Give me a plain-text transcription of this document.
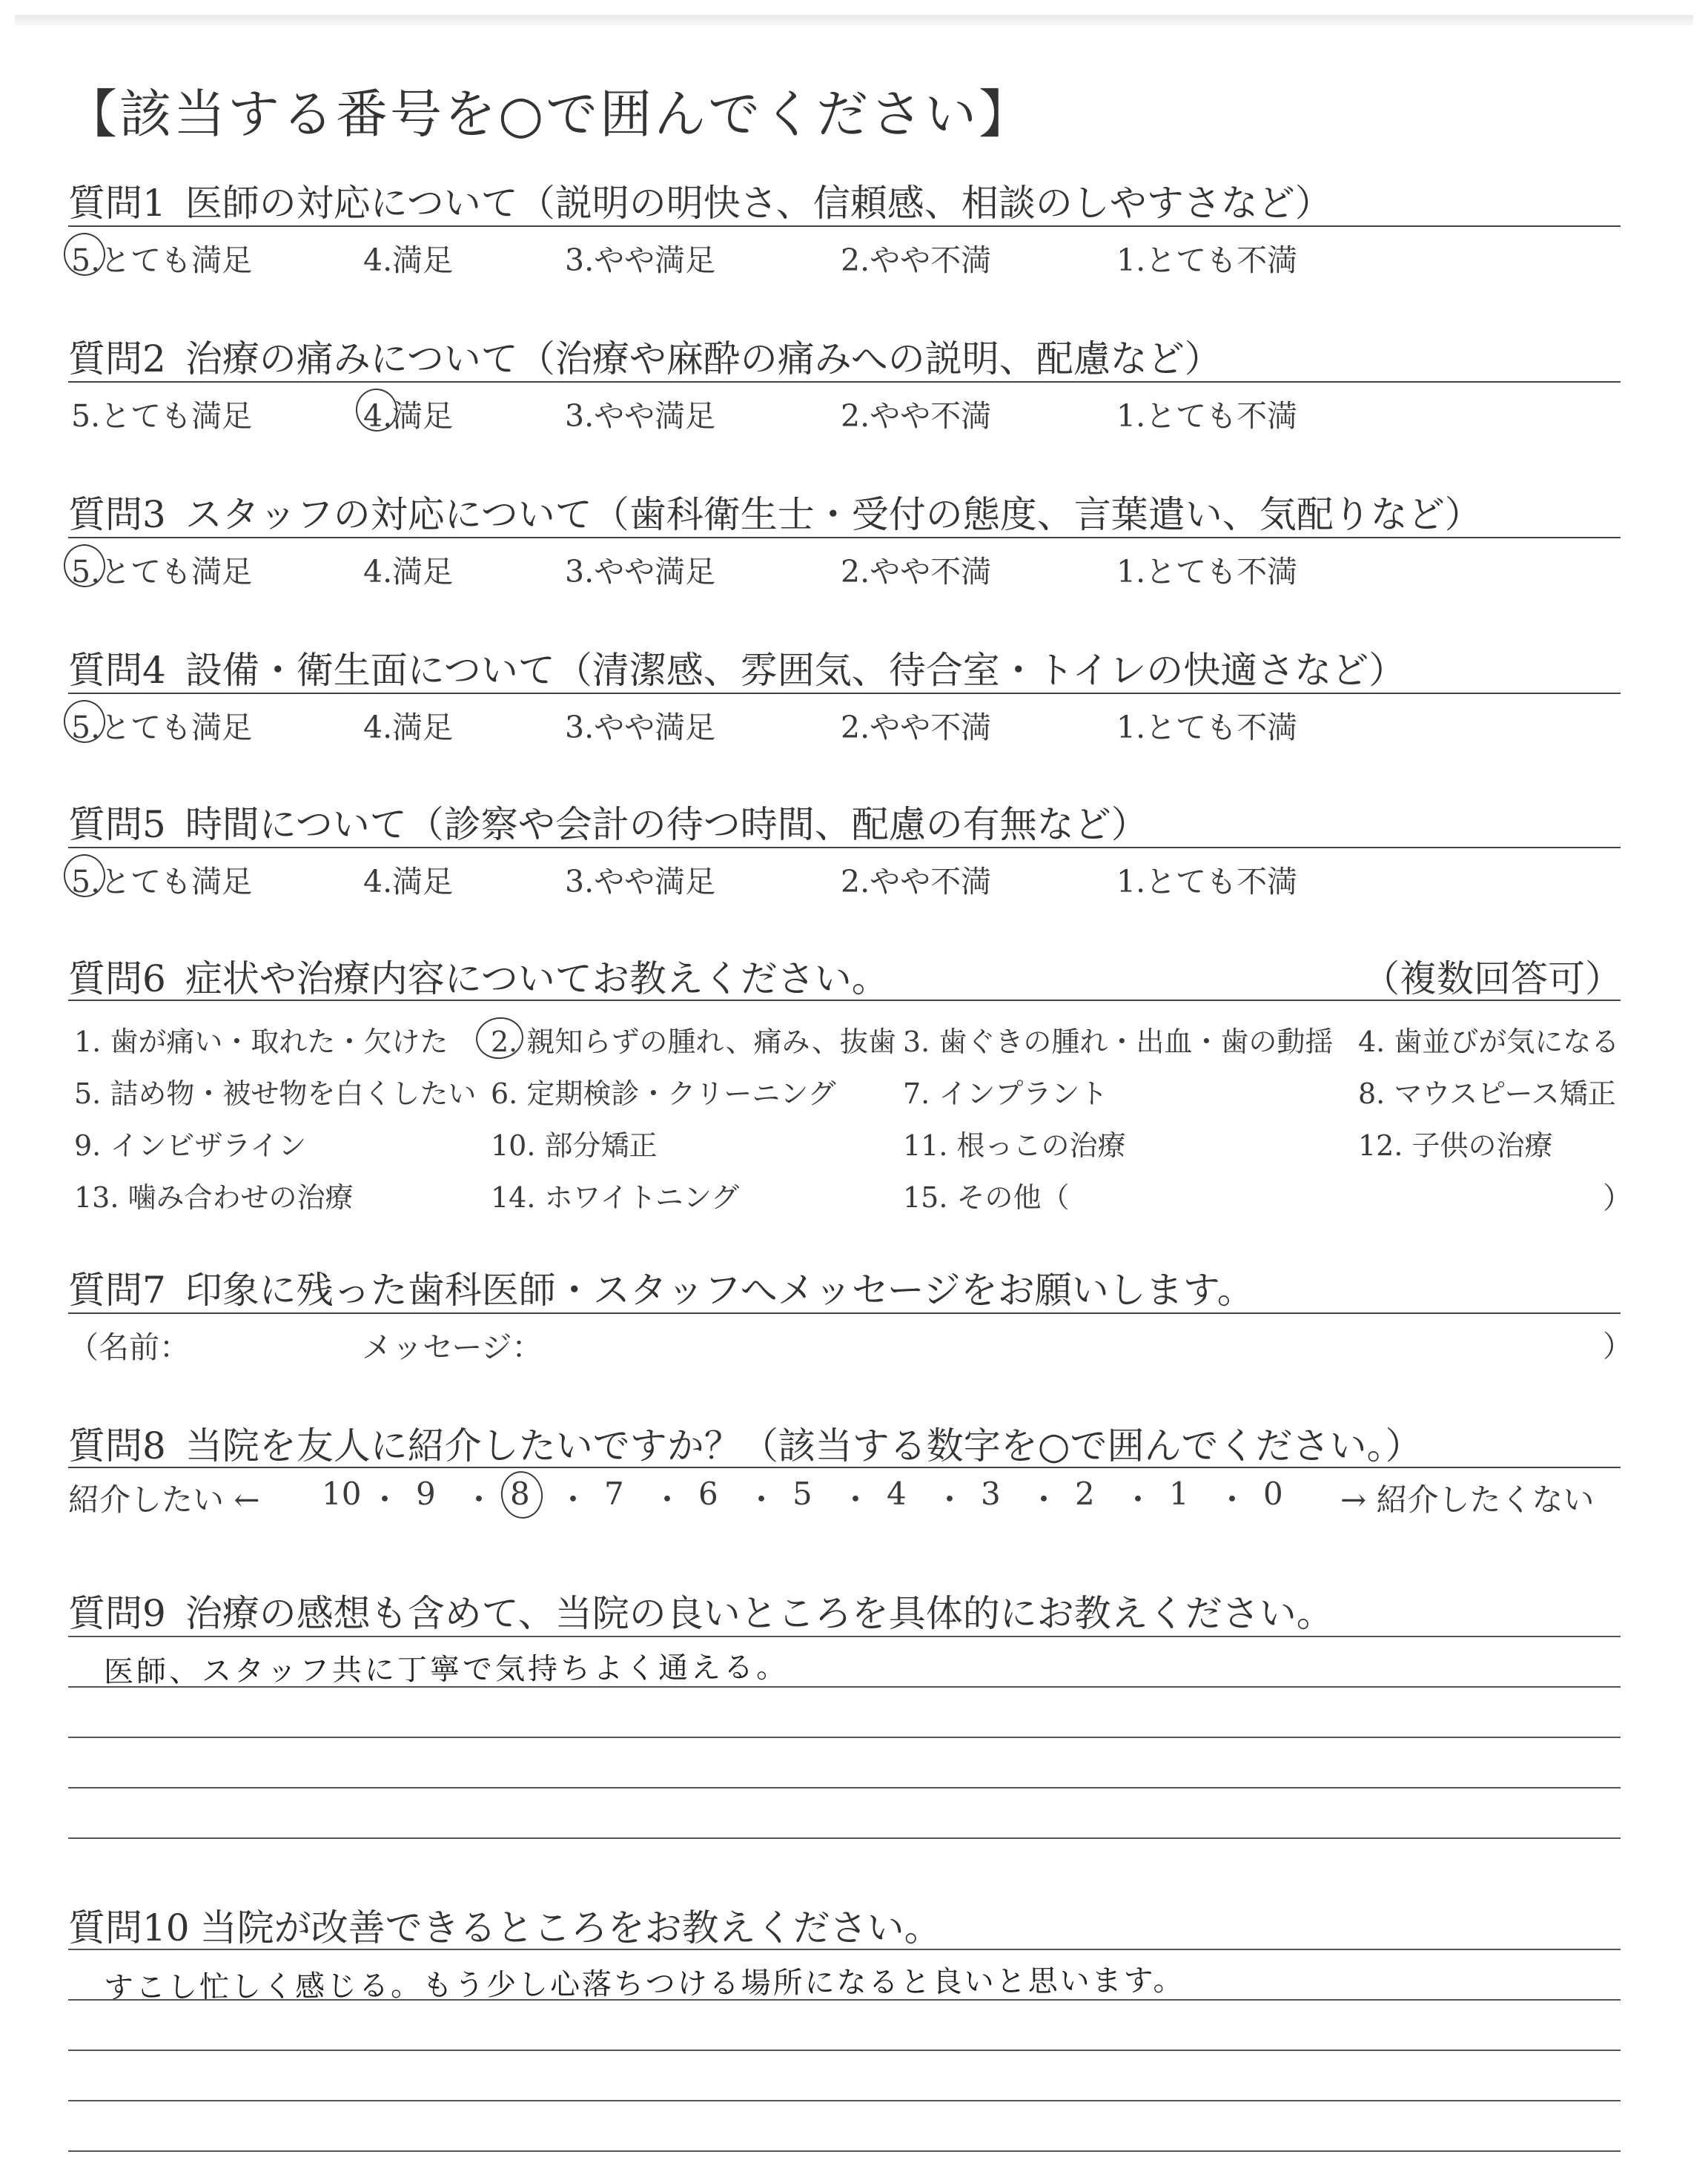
【該当する番号を○で囲んでください】
質問1 医師の対応について（説明の明快さ、信頼感、相談のしやすさなど）
5.とても満足	4.満足	3.やや満足	2.やや不満	1.とても不満
質問2 治療の痛みについて（治療や麻酔の痛みへの説明、配慮など）
5.とても満足	4.満足	3.やや満足	2.やや不満	1.とても不満
質問3 スタッフの対応について（歯科衛生士・受付の態度、言葉遣い、気配りなど）
5.とても満足	4.満足	3.やや満足	2.やや不満	1.とても不満
質問4 設備・衛生面について（清潔感、雰囲気、待合室・トイレの快適さなど）
5.とても満足	4.満足	3.やや満足	2.やや不満	1.とても不満
質問5 時間について（診察や会計の待つ時間、配慮の有無など）
5.とても満足	4.満足	3.やや満足	2.やや不満	1.とても不満
質問6 症状や治療内容についてお教えください。	（複数回答可）
1. 歯が痛い・取れた・欠けた 2. 親知らずの腫れ、痛み、抜歯 3. 歯ぐきの腫れ・出血・歯の動揺 4. 歯並びが気になる
5. 詰め物・被せ物を白くしたい 6. 定期検診・クリーニング 7. インプラント	8. マウスピース矯正
9. インビザライン	10. 部分矯正	11. 根っこの治療	12. 子供の治療
13. 噛み合わせの治療	14. ホワイトニング	15. その他（	）
質問7 印象に残った歯科医師・スタッフへメッセージをお願いします。
（名前：	メッセージ：	）
質問8 当院を友人に紹介したいですか？（該当する数字を○で囲んでください。）
紹介したい ←	→ 紹介したくない
10 ・ 9 ・ 8 ・ 7 ・ 6 ・ 5 ・ 4 ・ 3 ・ 2 ・ 1 ・ 0
質問9 治療の感想も含めて、当院の良いところを具体的にお教えください。
医師、スタッフ共に丁寧で気持ちよく通える。
質問10 当院が改善できるところをお教えください。
すこし忙しく感じる。もう少し心落ちつける場所になると良いと思います。
